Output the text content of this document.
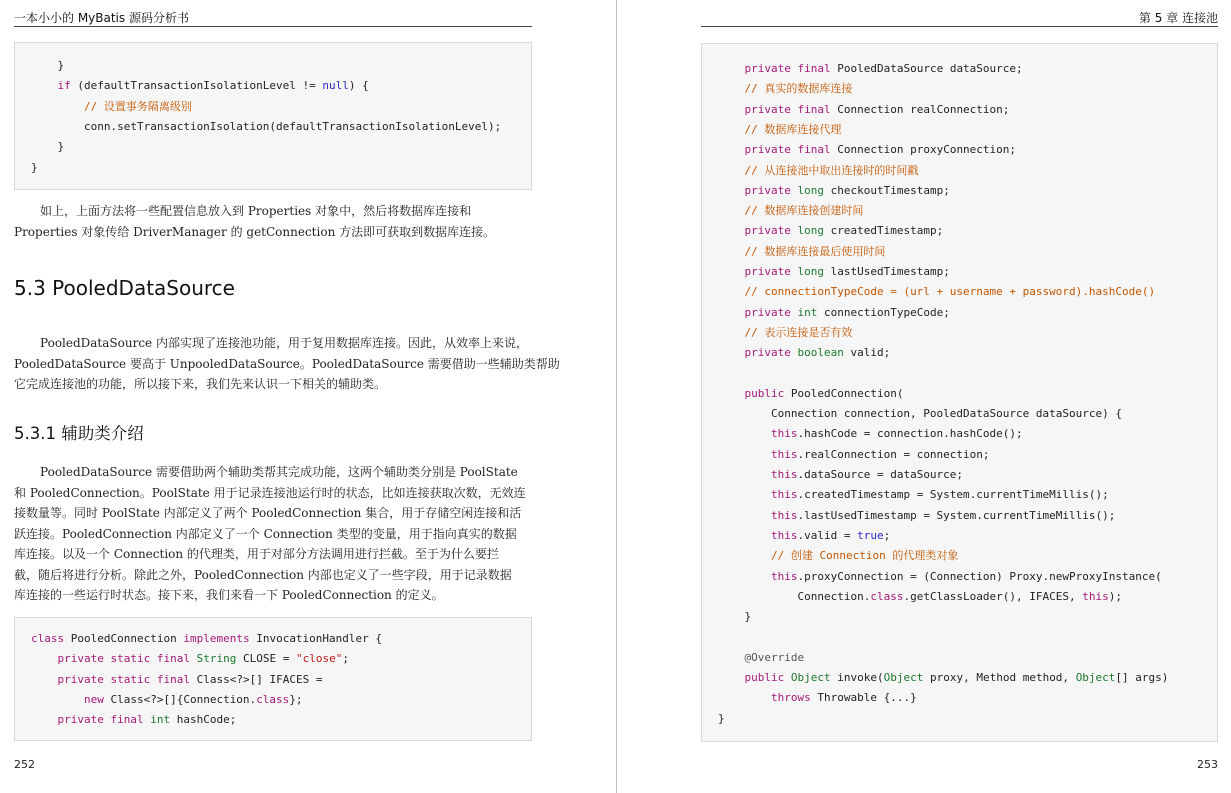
一本小小的 MyBatis 源码分析书
}
if (defaultTransactionIsolationLevel != null) {
// 设置事务隔离级别
conn.setTransactionIsolation(defaultTransactionIsolationLevel);
}
}
如上，上面方法将一些配置信息放入到 Properties 对象中，然后将数据库连接和
Properties 对象传给 DriverManager 的 getConnection 方法即可获取到数据库连接。
5.3 PooledDataSource
PooledDataSource 内部实现了连接池功能，用于复用数据库连接。因此，从效率上来说，
PooledDataSource 要高于 UnpooledDataSource。PooledDataSource 需要借助一些辅助类帮助
它完成连接池的功能，所以接下来，我们先来认识一下相关的辅助类。
5.3.1 辅助类介绍
PooledDataSource 需要借助两个辅助类帮其完成功能，这两个辅助类分别是 PoolState
和 PooledConnection。PoolState 用于记录连接池运行时的状态，比如连接获取次数，无效连
接数量等。同时 PoolState 内部定义了两个 PooledConnection 集合，用于存储空闲连接和活
跃连接。PooledConnection 内部定义了一个 Connection 类型的变量，用于指向真实的数据
库连接。以及一个 Connection 的代理类，用于对部分方法调用进行拦截。至于为什么要拦
截，随后将进行分析。除此之外，PooledConnection 内部也定义了一些字段，用于记录数据
库连接的一些运行时状态。接下来，我们来看一下 PooledConnection 的定义。
class PooledConnection implements InvocationHandler {
private static final String CLOSE = "close";
private static final Class<?>[] IFACES =
new Class<?>[]{Connection.class};
private final int hashCode;
252
第 5 章 连接池
private final PooledDataSource dataSource;
// 真实的数据库连接
private final Connection realConnection;
// 数据库连接代理
private final Connection proxyConnection;
// 从连接池中取出连接时的时间戳
private long checkoutTimestamp;
// 数据库连接创建时间
private long createdTimestamp;
// 数据库连接最后使用时间
private long lastUsedTimestamp;
// connectionTypeCode = (url + username + password).hashCode()
private int connectionTypeCode;
// 表示连接是否有效
private boolean valid;
public PooledConnection(
Connection connection, PooledDataSource dataSource) {
this.hashCode = connection.hashCode();
this.realConnection = connection;
this.dataSource = dataSource;
this.createdTimestamp = System.currentTimeMillis();
this.lastUsedTimestamp = System.currentTimeMillis();
this.valid = true;
// 创建 Connection 的代理类对象
this.proxyConnection = (Connection) Proxy.newProxyInstance(
Connection.class.getClassLoader(), IFACES, this);
}
@Override
public Object invoke(Object proxy, Method method, Object[] args)
throws Throwable {...}
}
253
